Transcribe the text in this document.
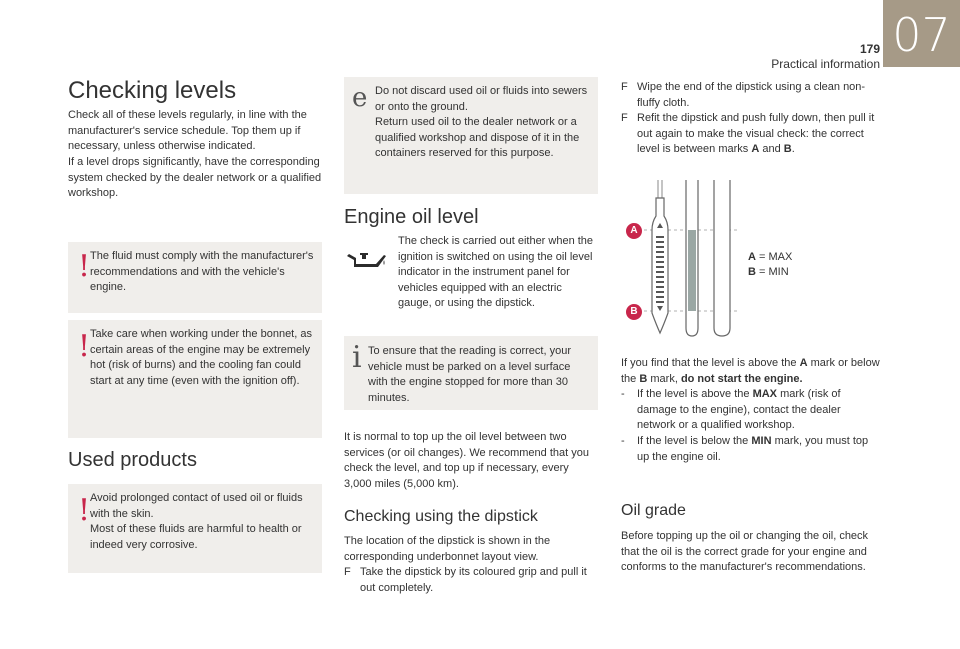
179
Practical information
07
Checking levels

Check all of these levels regularly, in line with the manufacturer's service schedule. Top them up if necessary, unless otherwise indicated.

If a level drops significantly, have the corresponding system checked by the dealer network or a qualified workshop.

! The fluid must comply with the manufacturer's recommendations and with the vehicle's engine.
! Take care when working under the bonnet, as certain areas of the engine may be extremely hot (risk of burns) and the cooling fan could start at any time (even with the ignition off).
Used products
! Avoid prolonged contact of used oil or fluids with the skin.
Most of these fluids are harmful to health or indeed very corrosive.
e Do not discard used oil or fluids into sewers or onto the ground.
Return used oil to the dealer network or a qualified workshop and dispose of it in the containers reserved for this purpose.
Engine oil level

The check is carried out either when the ignition is switched on using the oil level indicator in the instrument panel for vehicles equipped with an electric gauge, or using the dipstick.

i To ensure that the reading is correct, your vehicle must be parked on a level surface with the engine stopped for more than 30 minutes.

It is normal to top up the oil level between two services (or oil changes). We recommend that you check the level, and top up if necessary, every 3,000 miles (5,000 km).

Checking using the dipstick

The location of the dipstick is shown in the corresponding underbonnet layout view.

F Take the dipstick by its coloured grip and pull it out completely.
F Wipe the end of the dipstick using a clean non-fluffy cloth.
F Refit the dipstick and push fully down, then pull it out again to make the visual check: the correct level is between marks A and B.
A
B
A = MAX
B = MIN

If you find that the level is above the A mark or below the B mark, do not start the engine.

-	If the level is above the MAX mark (risk of damage to the engine), contact the dealer network or a qualified workshop.
-	If the level is below the MIN mark, you must top up the engine oil.
Oil grade

Before topping up the oil or changing the oil, check that the oil is the correct grade for your engine and conforms to the manufacturer's recommendations.
